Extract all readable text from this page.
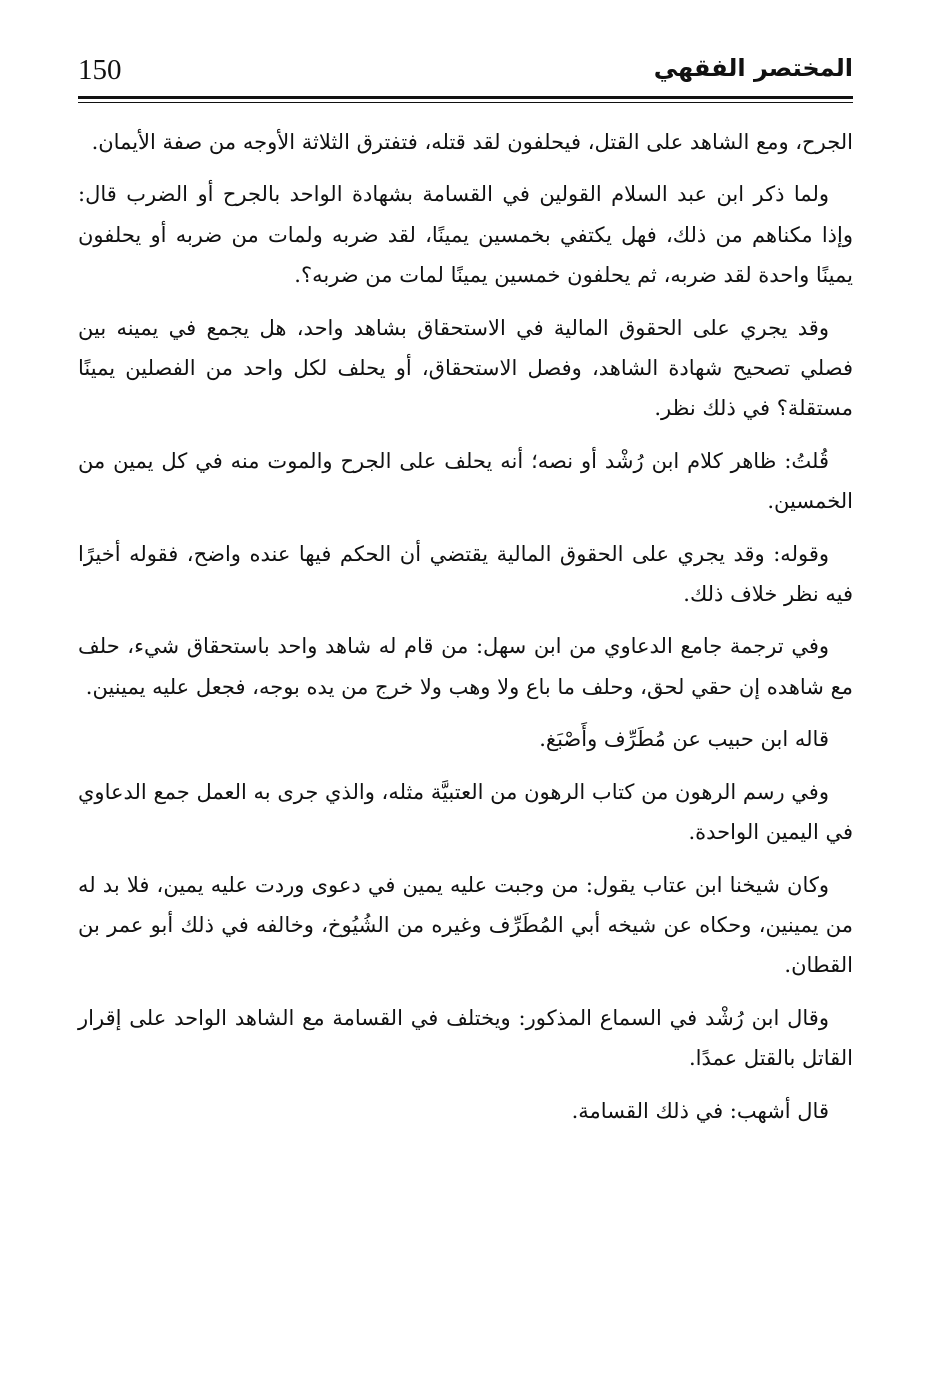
150	المختصر الفقهي

الجرح، ومع الشاهد على القتل، فيحلفون لقد قتله، فتفترق الثلاثة الأوجه من صفة الأيمان.

ولما ذكر ابن عبد السلام القولين في القسامة بشهادة الواحد بالجرح أو الضرب قال: وإذا مكناهم من ذلك، فهل يكتفي بخمسين يمينًا، لقد ضربه ولمات من ضربه أو يحلفون يمينًا واحدة لقد ضربه، ثم يحلفون خمسين يمينًا لمات من ضربه؟.

وقد يجري على الحقوق المالية في الاستحقاق بشاهد واحد، هل يجمع في يمينه بين فصلي تصحيح شهادة الشاهد، وفصل الاستحقاق، أو يحلف لكل واحد من الفصلين يمينًا مستقلة؟ في ذلك نظر.

قُلتُ: ظاهر كلام ابن رُشْد أو نصه؛ أنه يحلف على الجرح والموت منه في كل يمين من الخمسين.

وقوله: وقد يجري على الحقوق المالية يقتضي أن الحكم فيها عنده واضح، فقوله أخيرًا فيه نظر خلاف ذلك.

وفي ترجمة جامع الدعاوي من ابن سهل: من قام له شاهد واحد باستحقاق شيء، حلف مع شاهده إن حقي لحق، وحلف ما باع ولا وهب ولا خرج من يده بوجه، فجعل عليه يمينين.

قاله ابن حبيب عن مُطَرِّف وأَصْبَغ.

وفي رسم الرهون من كتاب الرهون من العتبيَّة مثله، والذي جرى به العمل جمع الدعاوي في اليمين الواحدة.

وكان شيخنا ابن عتاب يقول: من وجبت عليه يمين في دعوى وردت عليه يمين، فلا بد له من يمينين، وحكاه عن شيخه أبي المُطَرِّف وغيره من الشُيُوخ، وخالفه في ذلك أبو عمر بن القطان.

وقال ابن رُشْد في السماع المذكور: ويختلف في القسامة مع الشاهد الواحد على إقرار القاتل بالقتل عمدًا.

قال أشهب: في ذلك القسامة.
